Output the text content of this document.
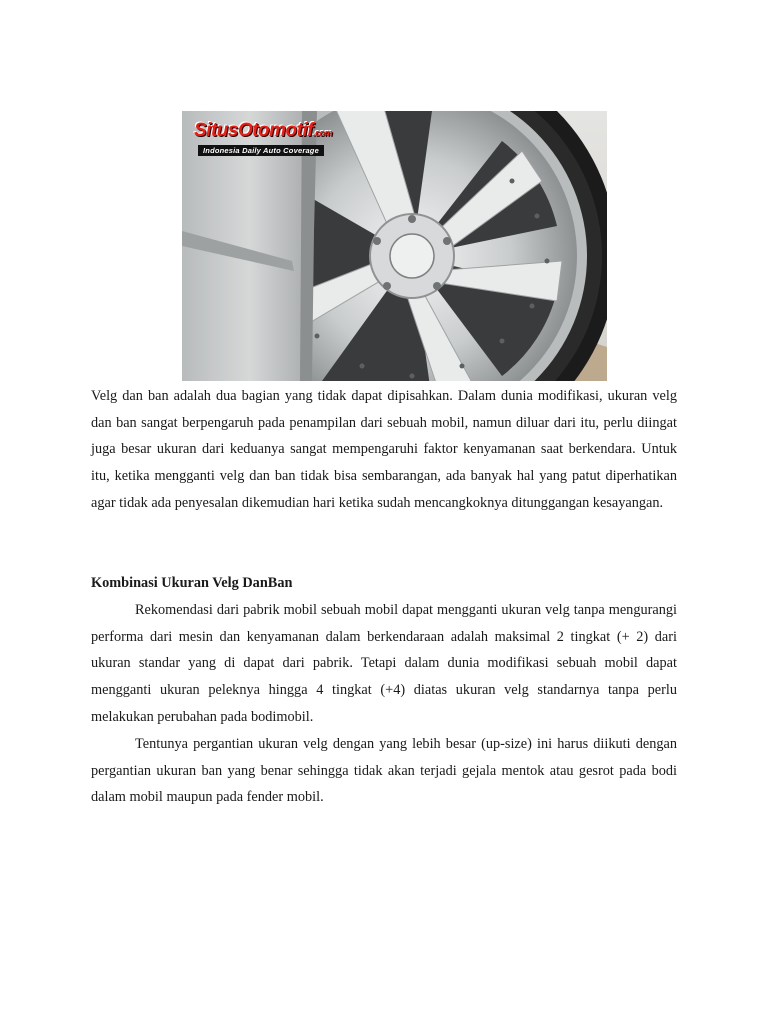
SitusOtomotif.com
Indonesia Daily Auto Coverage

Velg dan ban adalah dua bagian yang tidak dapat dipisahkan. Dalam dunia modifikasi, ukuran velg dan ban sangat berpengaruh pada penampilan dari sebuah mobil, namun diluar dari itu, perlu diingat juga besar ukuran dari keduanya sangat mempengaruhi faktor kenyamanan saat berkendara. Untuk itu, ketika mengganti velg dan ban tidak bisa sembarangan, ada banyak hal yang patut diperhatikan agar tidak ada penyesalan dikemudian hari ketika sudah mencangkoknya ditunggangan kesayangan.

Kombinasi Ukuran Velg DanBan

Rekomendasi dari pabrik mobil sebuah mobil dapat mengganti ukuran velg tanpa mengurangi performa dari mesin dan kenyamanan dalam berkendaraan adalah maksimal 2 tingkat (+ 2) dari ukuran standar yang di dapat dari pabrik. Tetapi dalam dunia modifikasi sebuah mobil dapat mengganti ukuran peleknya hingga 4 tingkat (+4) diatas ukuran velg standarnya tanpa perlu melakukan perubahan pada bodimobil.

Tentunya pergantian ukuran velg dengan yang lebih besar (up-size) ini harus diikuti dengan pergantian ukuran ban yang benar sehingga tidak akan terjadi gejala mentok atau gesrot pada bodi dalam mobil maupun pada fender mobil.
